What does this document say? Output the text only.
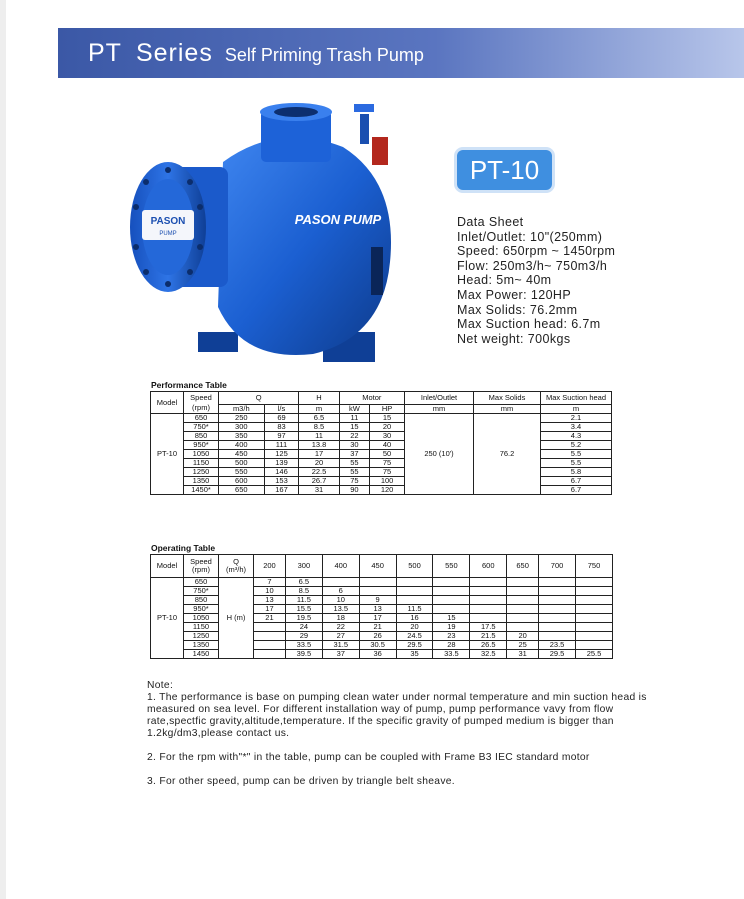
PT Series Self Priming Trash Pump
PASON
PUMP
PASON PUMP
PT-10
Data Sheet
Inlet/Outlet: 10"(250mm)
Speed: 650rpm ~ 1450rpm
Flow: 250m3/h~ 750m3/h
Head: 5m~ 40m
Max Power: 120HP
Max Solids: 76.2mm
Max Suction head: 6.7m
Net weight: 700kgs
Performance Table
Model	Speed
(rpm)	Q		H	Motor		Inlet/Outlet	Max Solids	Max Suction head
		m3/h	l/s	m	kW	HP	mm	mm	m
PT-10	650	250	69	6.5	11	15	250 (10')	76.2	2.1
	750*	300	83	8.5	15	20			3.4
	850	350	97	11	22	30			4.3
	950*	400	111	13.8	30	40			5.2
	1050	450	125	17	37	50			5.5
	1150	500	139	20	55	75			5.5
	1250	550	146	22.5	55	75			5.8
	1350	600	153	26.7	75	100			6.7
	1450*	650	167	31	90	120			6.7
Operating Table
Model	Speed
(rpm)	Q
(m³/h)	200	300	400	450	500	550	600	650	700	750
PT-10	650	H (m)	7	6.5								
	750*		10	8.5	6							
	850		13	11.5	10	9						
	950*		17	15.5	13.5	13	11.5					
	1050		21	19.5	18	17	16	15				
	1150			24	22	21	20	19	17.5			
	1250			29	27	26	24.5	23	21.5	20		
	1350			33.5	31.5	30.5	29.5	28	26.5	25	23.5	
	1450			39.5	37	36	35	33.5	32.5	31	29.5	25.5

Note:

1. The performance is base on pumping clean water under normal temperature and min suction head is measured on sea level. For different installation way of pump, pump performance vavy from flow rate,spectfic gravity,altitude,temperature. If the specific gravity of pumped medium is bigger than 1.2kg/dm3,please contact us.

2. For the rpm with"*" in the table, pump can be coupled with Frame B3 IEC standard motor

3. For other speed, pump can be driven by triangle belt sheave.
